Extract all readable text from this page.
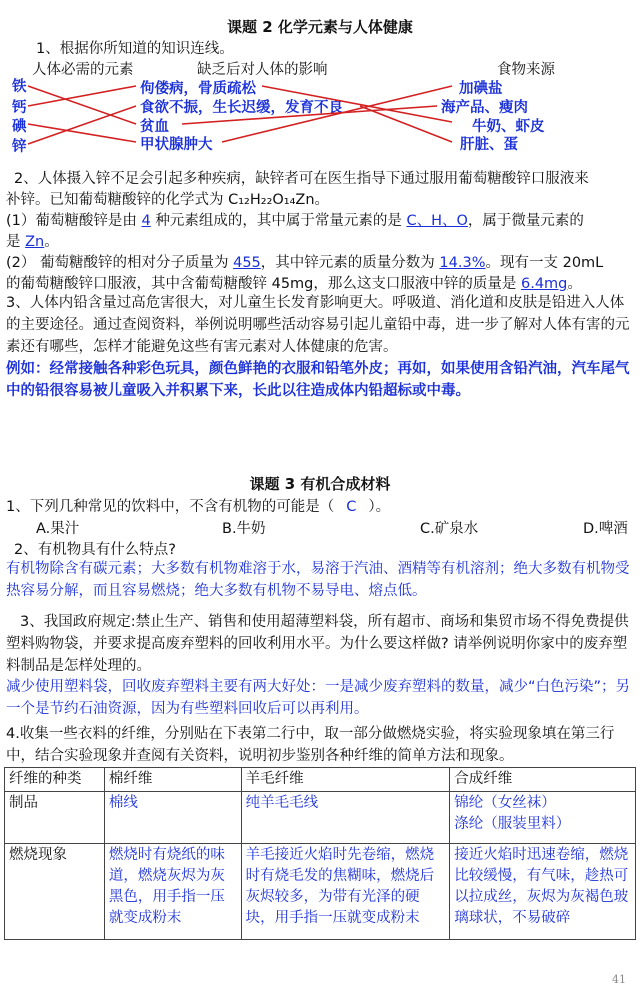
课题 2 化学元素与人体健康
1、根据你所知道的知识连线。
人体必需的元素	缺乏后对人体的影响	食物来源
铁
钙
碘
锌
佝偻病，骨质疏松
食欲不振，生长迟缓，发育不良
贫血
甲状腺肿大
加碘盐
海产品、瘦肉
牛奶、虾皮
肝脏、蛋
2、人体摄入锌不足会引起多种疾病，缺锌者可在医生指导下通过服用葡萄糖酸锌口服液来
补锌。已知葡萄糖酸锌的化学式为 C₁₂H₂₂O₁₄Zn。
(1）葡萄糖酸锌是由 4 种元素组成的，其中属于常量元素的是 C、H、O，属于微量元素的
是 Zn。
(2） 葡萄糖酸锌的相对分子质量为 455，其中锌元素的质量分数为 14.3%。现有一支 20mL
的葡萄糖酸锌口服液，其中含葡萄糖酸锌 45mg，那么这支口服液中锌的质量是 6.4mg。
3、人体内铅含量过高危害很大，对儿童生长发育影响更大。呼吸道、消化道和皮肤是铅进入人体的主要途径。通过查阅资料，举例说明哪些活动容易引起儿童铅中毒，进一步了解对人体有害的元素还有哪些，怎样才能避免这些有害元素对人体健康的危害。
例如：经常接触各种彩色玩具，颜色鲜艳的衣服和铅笔外皮；再如，如果使用含铅汽油，汽车尾气中的铅很容易被儿童吸入并积累下来，长此以往造成体内铅超标或中毒。
课题 3 有机合成材料
1、下列几种常见的饮料中，不含有机物的可能是（ C ）。
A.果汁	B.牛奶	C.矿泉水	D.啤酒
2、有机物具有什么特点?
有机物除含有碳元素；大多数有机物难溶于水，易溶于汽油、酒精等有机溶剂；绝大多数有机物受热容易分解，而且容易燃烧；绝大多数有机物不易导电、熔点低。
3、我国政府规定:禁止生产、销售和使用超薄塑料袋，所有超市、商场和集贸市场不得免费提供塑料购物袋，并要求提高废弃塑料的回收利用水平。为什么要这样做? 请举例说明你家中的废弃塑料制品是怎样处理的。
减少使用塑料袋，回收废弃塑料主要有两大好处：一是减少废弃塑料的数量，减少“白色污染”；另一个是节约石油资源，因为有些塑料回收后可以再利用。
4.收集一些衣料的纤维，分别贴在下表第二行中，取一部分做燃烧实验，将实验现象填在第三行中，结合实验现象并查阅有关资料，说明初步鉴别各种纤维的简单方法和现象。
纤维的种类	棉纤维	羊毛纤维	合成纤维
制品	棉线	纯羊毛毛线	锦纶（女丝袜）
涤纶（服装里料）
燃烧现象	燃烧时有烧纸的味道，燃烧灰烬为灰黑色，用手指一压就变成粉末	羊毛接近火焰时先卷缩，燃烧时有烧毛发的焦糊味，燃烧后灰烬较多，为带有光泽的硬块，用手指一压就变成粉末	接近火焰时迅速卷缩，燃烧比较缓慢，有气味，趁热可以拉成丝，灰烬为灰褐色玻璃球状，不易破碎
41
